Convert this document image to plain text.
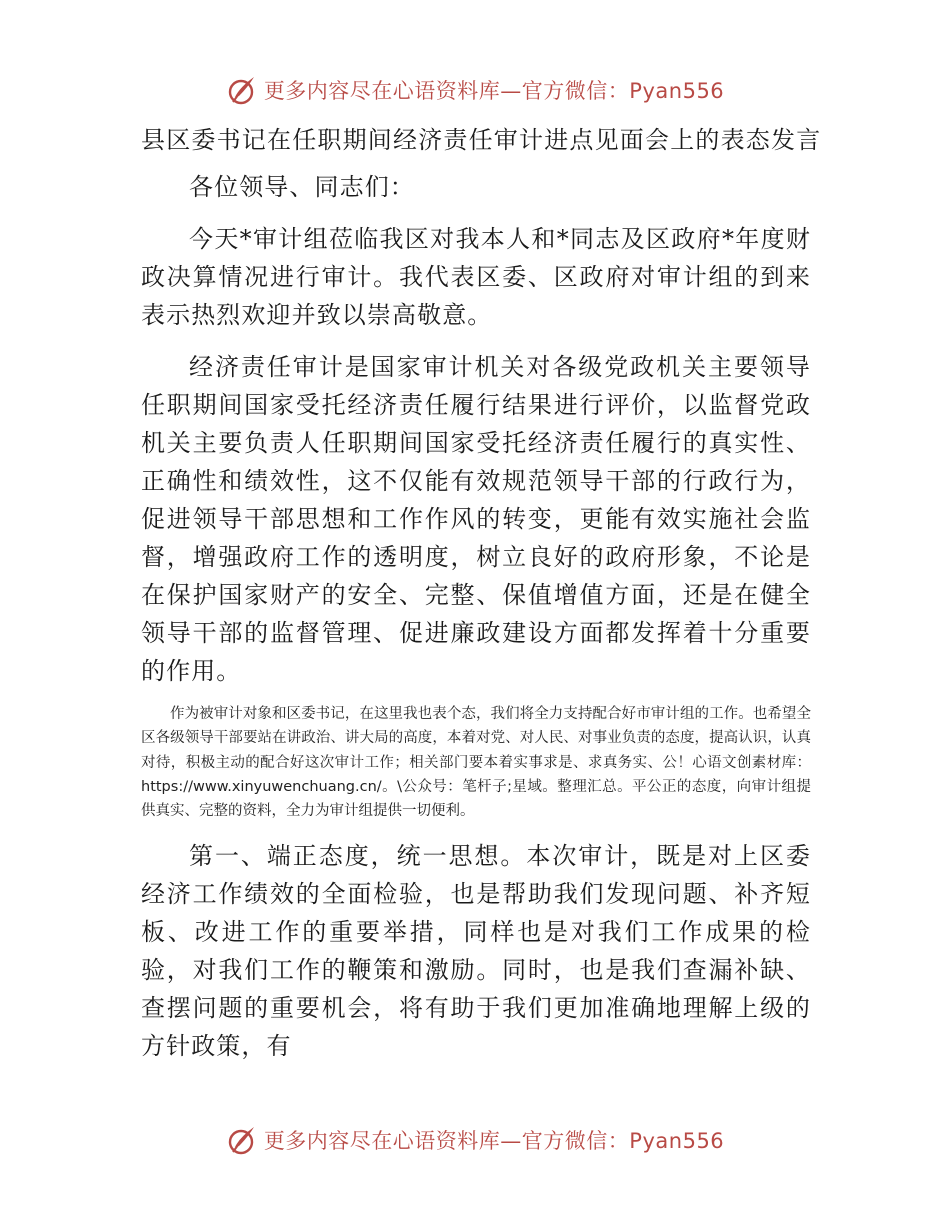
更多内容尽在心语资料库—官方微信：Pyan556

县区委书记在任职期间经济责任审计进点见面会上的表态发言

各位领导、同志们：

今天*审计组莅临我区对我本人和*同志及区政府*年度财政决算情况进行审计。我代表区委、区政府对审计组的到来表示热烈欢迎并致以崇高敬意。

经济责任审计是国家审计机关对各级党政机关主要领导任职期间国家受托经济责任履行结果进行评价，以监督党政机关主要负责人任职期间国家受托经济责任履行的真实性、正确性和绩效性，这不仅能有效规范领导干部的行政行为，促进领导干部思想和工作作风的转变，更能有效实施社会监督，增强政府工作的透明度，树立良好的政府形象，不论是在保护国家财产的安全、完整、保值增值方面，还是在健全领导干部的监督管理、促进廉政建设方面都发挥着十分重要的作用。

作为被审计对象和区委书记，在这里我也表个态，我们将全力支持配合好市审计组的工作。也希望全区各级领导干部要站在讲政治、讲大局的高度，本着对党、对人民、对事业负责的态度，提高认识，认真对待，积极主动的配合好这次审计工作；相关部门要本着实事求是、求真务实、公！心语文创素材库：https://www.xinyuwenchuang.cn/。\公众号：笔杆子;星域。整理汇总。平公正的态度，向审计组提供真实、完整的资料，全力为审计组提供一切便利。

第一、端正态度，统一思想。本次审计，既是对上区委经济工作绩效的全面检验，也是帮助我们发现问题、补齐短板、改进工作的重要举措，同样也是对我们工作成果的检验，对我们工作的鞭策和激励。同时，也是我们查漏补缺、查摆问题的重要机会，将有助于我们更加准确地理解上级的方针政策，有

更多内容尽在心语资料库—官方微信：Pyan556
